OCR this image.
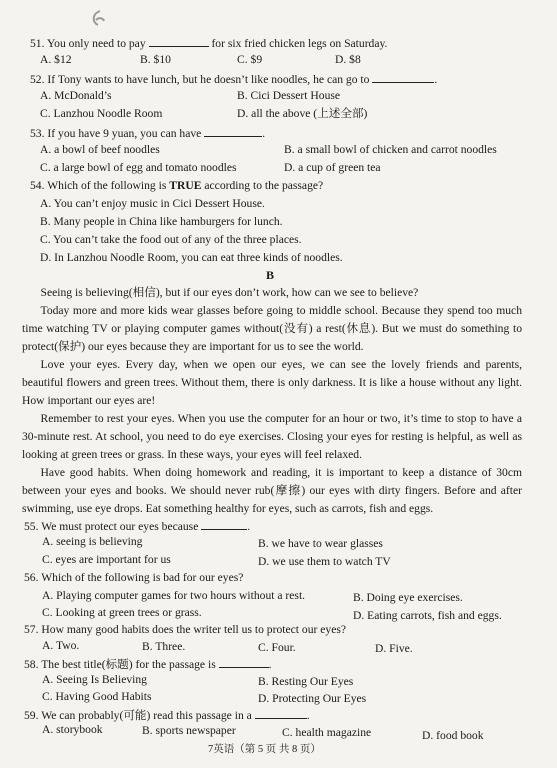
51. You only need to pay	for six fried chicken legs on Saturday.
A. $12	B. $10	C. $9	D. $8
52. If Tony wants to have lunch, but he doesn’t like noodles, he can go to	.
A. McDonald’s	B. Cici Dessert House
C. Lanzhou Noodle Room	D. all the above (上述全部)
53. If you have 9 yuan, you can have	.
A. a bowl of beef noodles	B. a small bowl of chicken and carrot noodles
C. a large bowl of egg and tomato noodles	D. a cup of green tea
54. Which of the following is TRUE according to the passage?
A. You can’t enjoy music in Cici Dessert House.
B. Many people in China like hamburgers for lunch.
C. You can’t take the food out of any of the three places.
D. In Lanzhou Noodle Room, you can eat three kinds of noodles.
B
Seeing is believing(相信), but if our eyes don’t work, how can we see to believe?
Today more and more kids wear glasses before going to middle school. Because they spend too much time watching TV or playing computer games without(没有) a rest(休息). But we must do something to protect(保护) our eyes because they are important for us to see the world.
Love your eyes. Every day, when we open our eyes, we can see the lovely friends and parents, beautiful flowers and green trees. Without them, there is only darkness. It is like a house without any light. How important our eyes are!
Remember to rest your eyes. When you use the computer for an hour or two, it’s time to stop to have a 30-minute rest. At school, you need to do eye exercises. Closing your eyes for resting is helpful, as well as looking at green trees or grass. In these ways, your eyes will feel relaxed.
Have good habits. When doing homework and reading, it is important to keep a distance of 30cm between your eyes and books. We should never rub(摩擦) our eyes with dirty fingers. Before and after swimming, use eye drops. Eat something healthy for eyes, such as carrots, fish and eggs.
55. We must protect our eyes because	.
A. seeing is believing	B. we have to wear glasses
C. eyes are important for us	D. we use them to watch TV
56. Which of the following is bad for our eyes?
A. Playing computer games for two hours without a rest.	B. Doing eye exercises.
C. Looking at green trees or grass.	D. Eating carrots, fish and eggs.
57. How many good habits does the writer tell us to protect our eyes?
A. Two.	B. Three.	C. Four.	D. Five.
58. The best title(标题) for the passage is	.
A. Seeing Is Believing	B. Resting Our Eyes
C. Having Good Habits	D. Protecting Our Eyes
59. We can probably(可能) read this passage in a	.
A. storybook	B. sports newspaper	C. health magazine	D. food book
7英语（第 5 页 共 8 页）
